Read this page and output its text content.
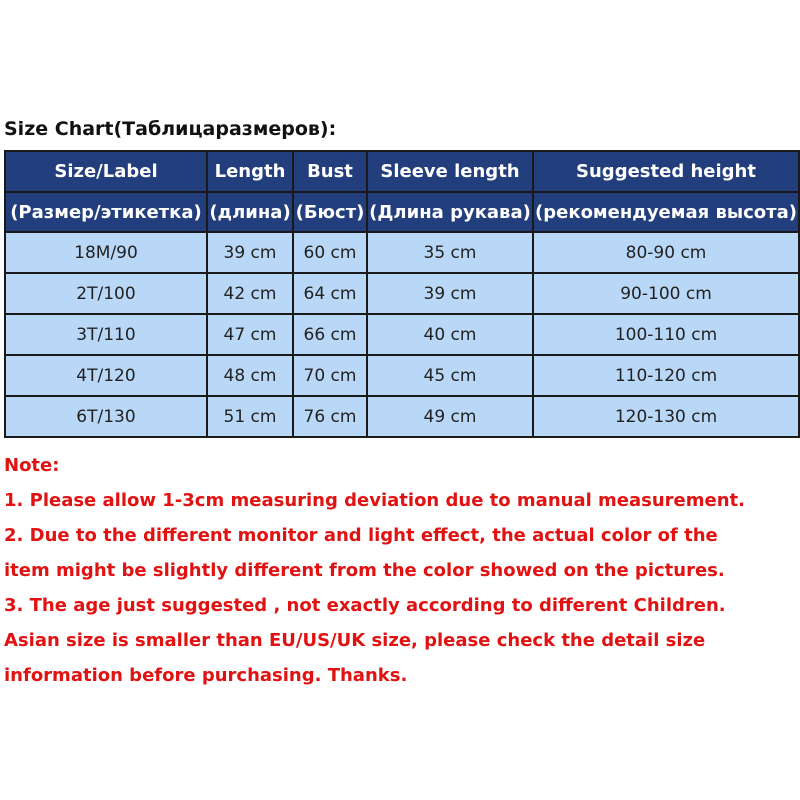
Size Chart(Таблицаразмеров):
Size/Label	Length	Bust	Sleeve length	Suggested height
(Размер/этикетка)	(длина)	(Бюст)	(Длина рукава)	(рекомендуемая высота)
18M/90	39 cm	60 cm	35 cm	80-90 cm
2T/100	42 cm	64 cm	39 cm	90-100 cm
3T/110	47 cm	66 cm	40 cm	100-110 cm
4T/120	48 cm	70 cm	45 cm	110-120 cm
6T/130	51 cm	76 cm	49 cm	120-130 cm
Note:
1. Please allow 1-3cm measuring deviation due to manual measurement.
2. Due to the different monitor and light effect, the actual color of the
item might be slightly different from the color showed on the pictures.
3. The age just suggested , not exactly according to different Children.
Asian size is smaller than EU/US/UK size, please check the detail size
information before purchasing. Thanks.
